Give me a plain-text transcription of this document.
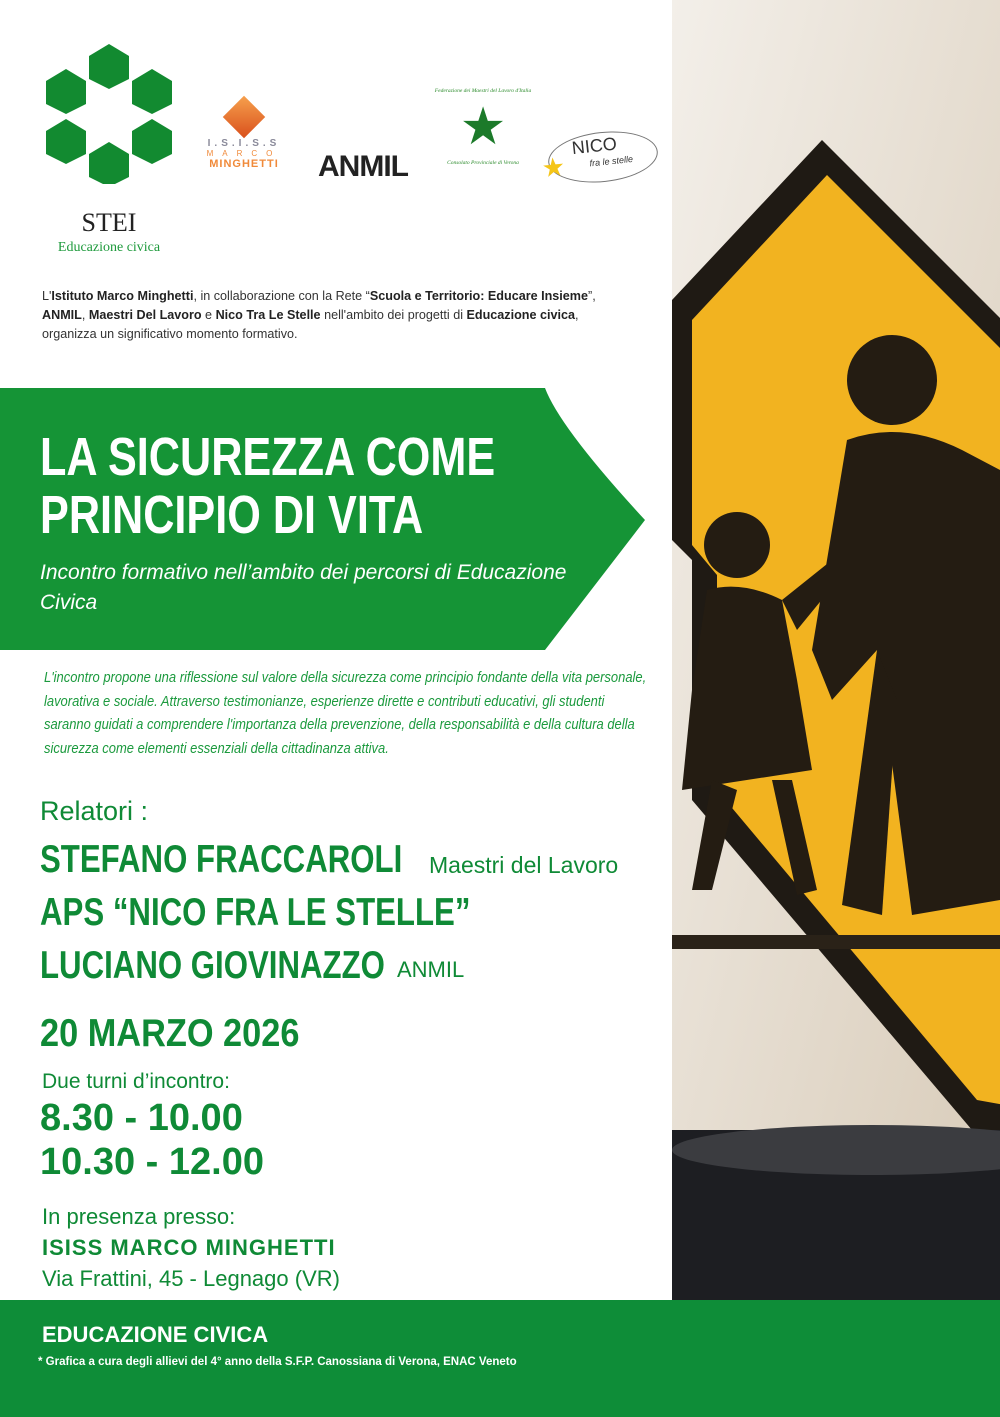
STEI
Educazione civica
I.S.I.S.S
MARCO
MINGHETTI	ANMIL
Federazione dei Maestri del Lavoro d'Italia
★
Consolato Provinciale di Verona ★
NICO
fra le stelle
L'Istituto Marco Minghetti, in collaborazione con la Rete “Scuola e Territorio: Educare Insieme”, ANMIL, Maestri Del Lavoro e Nico Tra Le Stelle nell'ambito dei progetti di Educazione civica, organizza un significativo momento formativo.
LA SICUREZZA COME
PRINCIPIO DI VITA
Incontro formativo nell’ambito dei percorsi di Educazione Civica
L'incontro propone una riflessione sul valore della sicurezza come principio fondante della vita personale, lavorativa e sociale. Attraverso testimonianze, esperienze dirette e contributi educativi, gli studenti saranno guidati a comprendere l'importanza della prevenzione, della responsabilità e della cultura della sicurezza come elementi essenziali della cittadinanza attiva.
Relatori :
STEFANO FRACCAROLI	Maestri del Lavoro
APS “NICO FRA LE STELLE”
LUCIANO GIOVINAZZO ANMIL
20 MARZO 2026
Due turni d’incontro:
8.30 - 10.00
10.30 - 12.00
In presenza presso:
ISISS MARCO MINGHETTI
Via Frattini, 45 - Legnago (VR)
EDUCAZIONE CIVICA
* Grafica a cura degli allievi del 4° anno della S.F.P. Canossiana di Verona, ENAC Veneto
